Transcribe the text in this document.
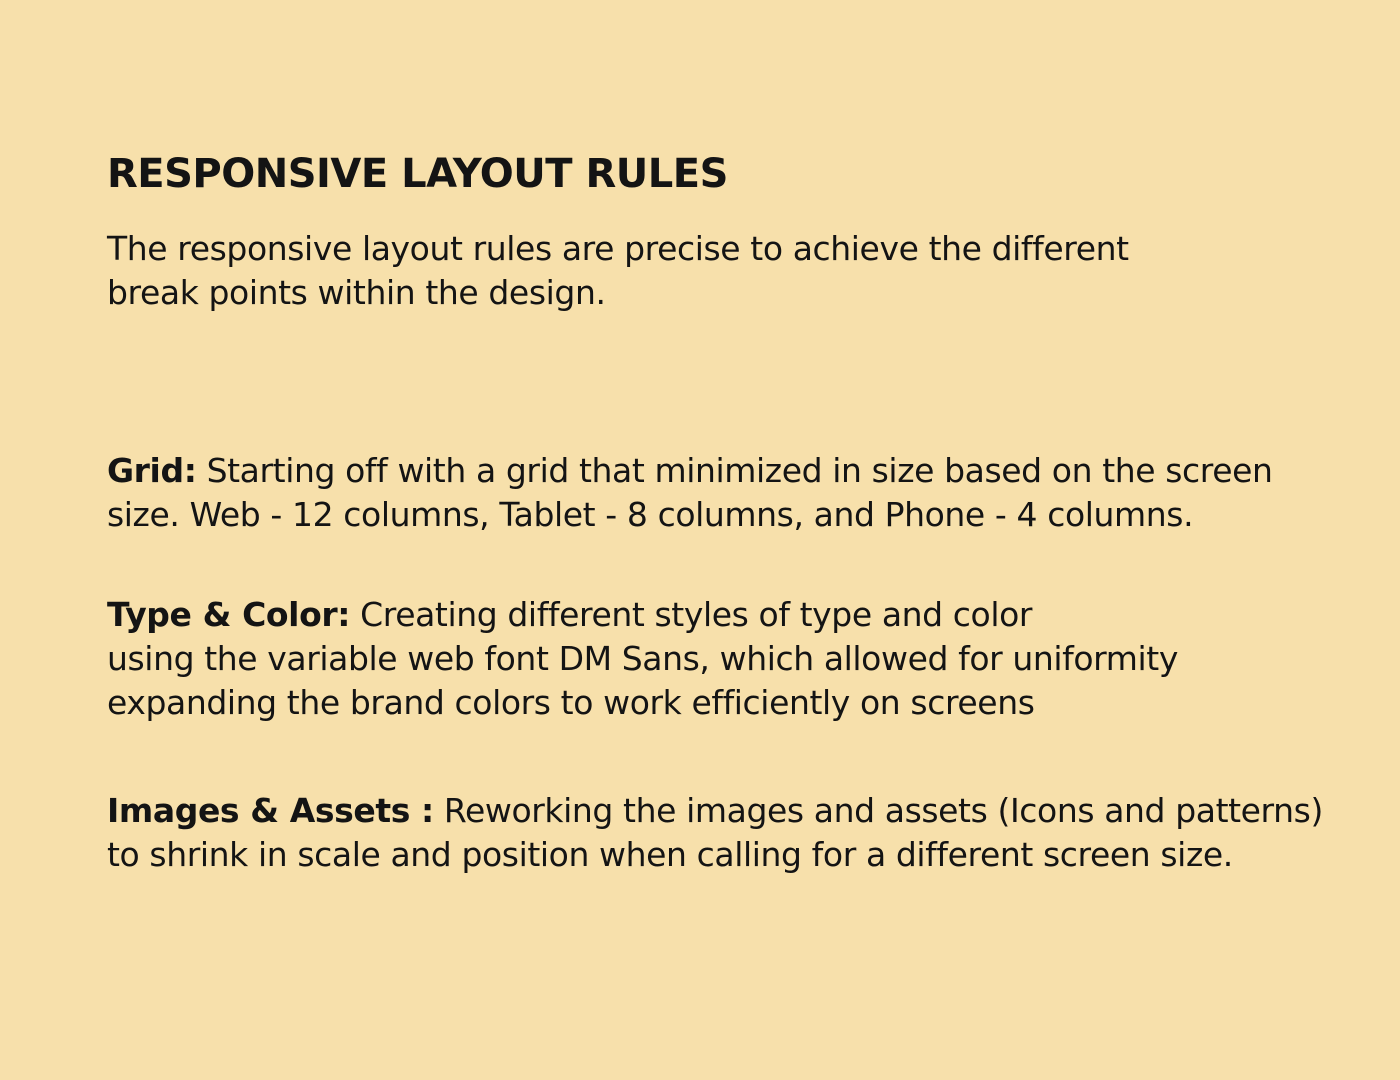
RESPONSIVE LAYOUT RULES

The responsive layout rules are precise to achieve the different
break points within the design.

Grid: Starting off with a grid that minimized in size based on the screen
size. Web - 12 columns, Tablet - 8 columns, and Phone - 4 columns.

Type & Color: Creating different styles of type and color
using the variable web font DM Sans, which allowed for uniformity
expanding the brand colors to work efficiently on screens

Images & Assets : Reworking the images and assets (Icons and patterns)
to shrink in scale and position when calling for a different screen size.
